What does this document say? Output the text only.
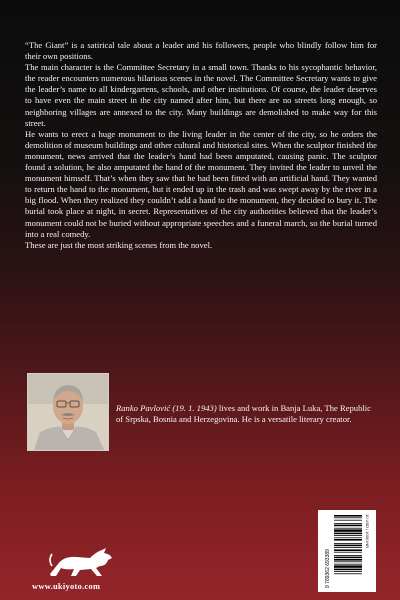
“The Giant” is a satirical tale about a leader and his followers, people who blindly follow him for their own positions.

The main character is the Committee Secretary in a small town. Thanks to his sycophantic behavior, the reader encounters numerous hilarious scenes in the novel. The Committee Secretary wants to give the leader’s name to all kindergartens, schools, and other institutions. Of course, the leader deserves to have even the main street in the city named after him, but there are no streets long enough, so neighboring villages are annexed to the city. Many buildings are demolished to make way for this street.

He wants to erect a huge monument to the living leader in the center of the city, so he orders the demolition of museum buildings and other cultural and historical sites. When the sculptor finished the monument, news arrived that the leader’s hand had been amputated, causing panic. The sculptor found a solution, he also amputated the hand of the monument. They invited the leader to unveil the monument himself. That’s when they saw that he had been fitted with an artificial hand. They wanted to return the hand to the monument, but it ended up in the trash and was swept away by the river in a big flood. When they realized they couldn’t add a hand to the monument, they decided to bury it. The burial took place at night, in secret. Representatives of the city authorities believed that the leader’s monument could not be buried without appropriate speeches and a funeral march, so the burial turned into a real comedy.

These are just the most striking scenes from the novel.

Ranko Pavlović (19. 1. 1943) lives and work in Banja Luka, The Republic of Srpska, Bosnia and Herzegovina. He is a versatile literary creator.
www.ukiyoto.com	9 789362 693389
10 USD | 1000 INR
